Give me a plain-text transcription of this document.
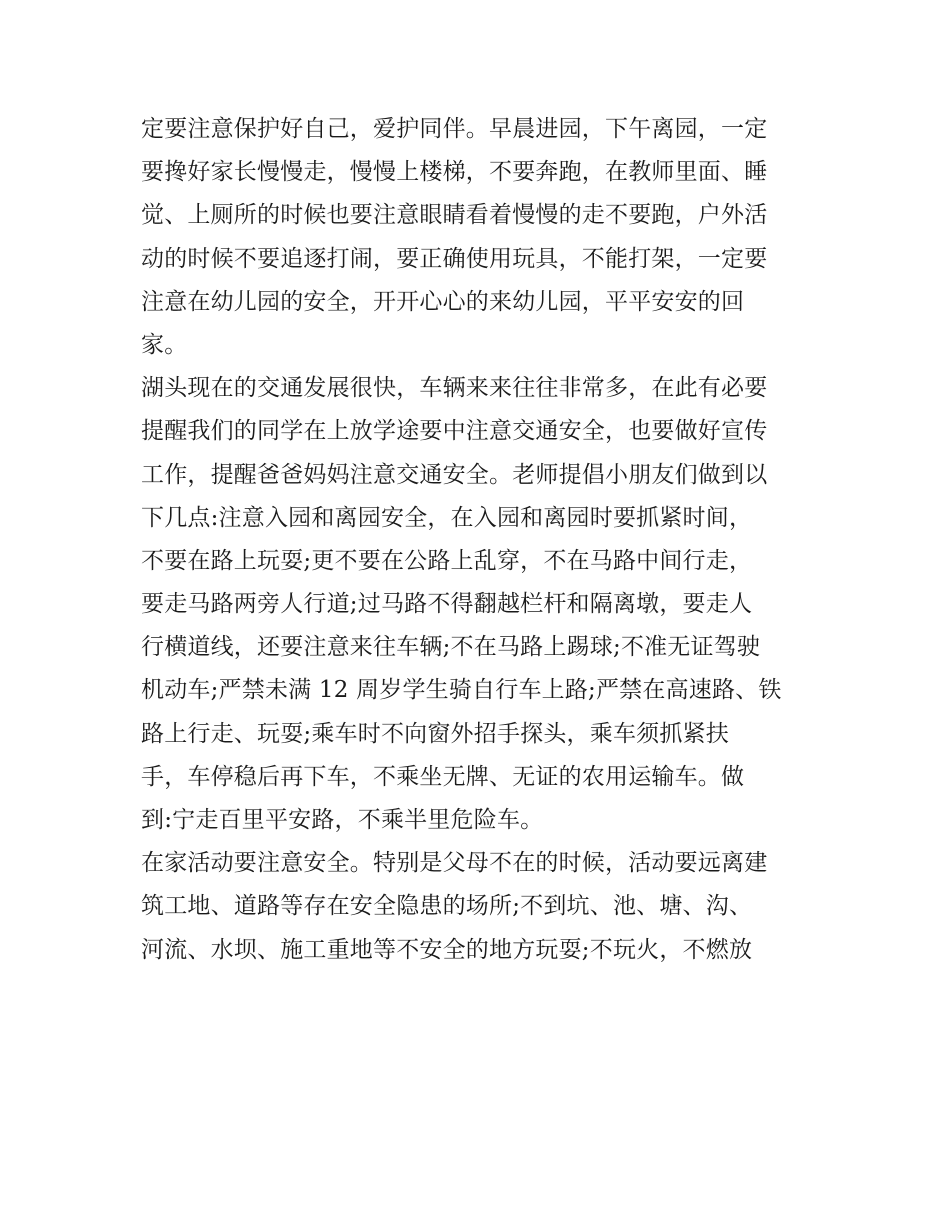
定要注意保护好自己，爱护同伴。早晨进园，下午离园，一定
要搀好家长慢慢走，慢慢上楼梯，不要奔跑，在教师里面、睡
觉、上厕所的时候也要注意眼睛看着慢慢的走不要跑，户外活
动的时候不要追逐打闹，要正确使用玩具，不能打架，一定要
注意在幼儿园的安全，开开心心的来幼儿园，平平安安的回
家。
湖头现在的交通发展很快，车辆来来往往非常多，在此有必要
提醒我们的同学在上放学途要中注意交通安全，也要做好宣传
工作，提醒爸爸妈妈注意交通安全。老师提倡小朋友们做到以
下几点:注意入园和离园安全，在入园和离园时要抓紧时间，
不要在路上玩耍;更不要在公路上乱穿，不在马路中间行走，
要走马路两旁人行道;过马路不得翻越栏杆和隔离墩，要走人
行横道线，还要注意来往车辆;不在马路上踢球;不准无证驾驶
机动车;严禁未满 12 周岁学生骑自行车上路;严禁在高速路、铁
路上行走、玩耍;乘车时不向窗外招手探头，乘车须抓紧扶
手，车停稳后再下车，不乘坐无牌、无证的农用运输车。做
到:宁走百里平安路，不乘半里危险车。
在家活动要注意安全。特别是父母不在的时候，活动要远离建
筑工地、道路等存在安全隐患的场所;不到坑、池、塘、沟、
河流、水坝、施工重地等不安全的地方玩耍;不玩火，不燃放
